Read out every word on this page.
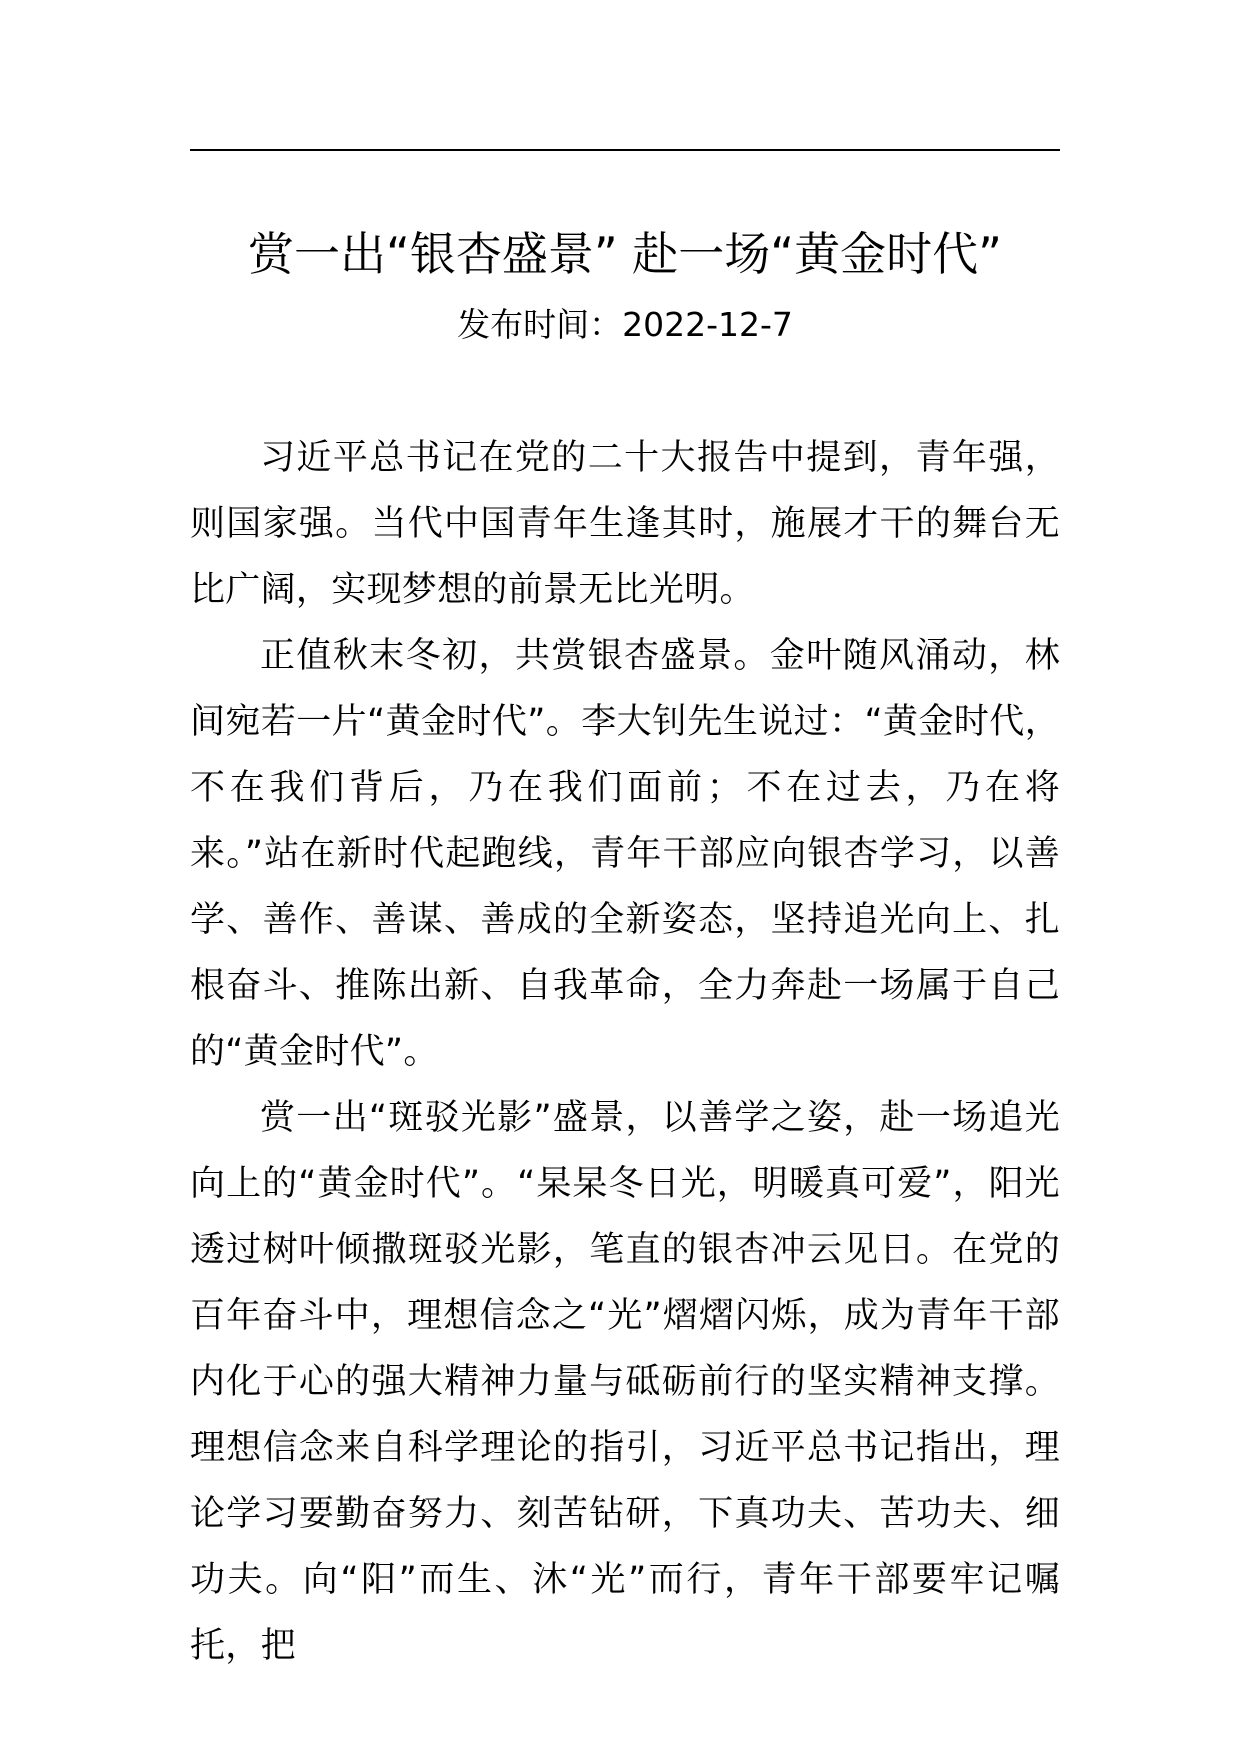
赏一出“银杏盛景” 赴一场“黄金时代”
发布时间：2022-12-7

习近平总书记在党的二十大报告中提到，青年强，则国家强。当代中国青年生逢其时，施展才干的舞台无比广阔，实现梦想的前景无比光明。

正值秋末冬初，共赏银杏盛景。金叶随风涌动，林间宛若一片“黄金时代”。李大钊先生说过：“黄金时代，不在我们背后，乃在我们面前；不在过去，乃在将来。”站在新时代起跑线，青年干部应向银杏学习，以善学、善作、善谋、善成的全新姿态，坚持追光向上、扎根奋斗、推陈出新、自我革命，全力奔赴一场属于自己的“黄金时代”。

赏一出“斑驳光影”盛景，以善学之姿，赴一场追光向上的“黄金时代”。“杲杲冬日光，明暖真可爱”，阳光透过树叶倾撒斑驳光影，笔直的银杏冲云见日。在党的百年奋斗中，理想信念之“光”熠熠闪烁，成为青年干部内化于心的强大精神力量与砥砺前行的坚实精神支撑。理想信念来自科学理论的指引，习近平总书记指出，理论学习要勤奋努力、刻苦钻研，下真功夫、苦功夫、细功夫。向“阳”而生、沐“光”而行，青年干部要牢记嘱托，把
